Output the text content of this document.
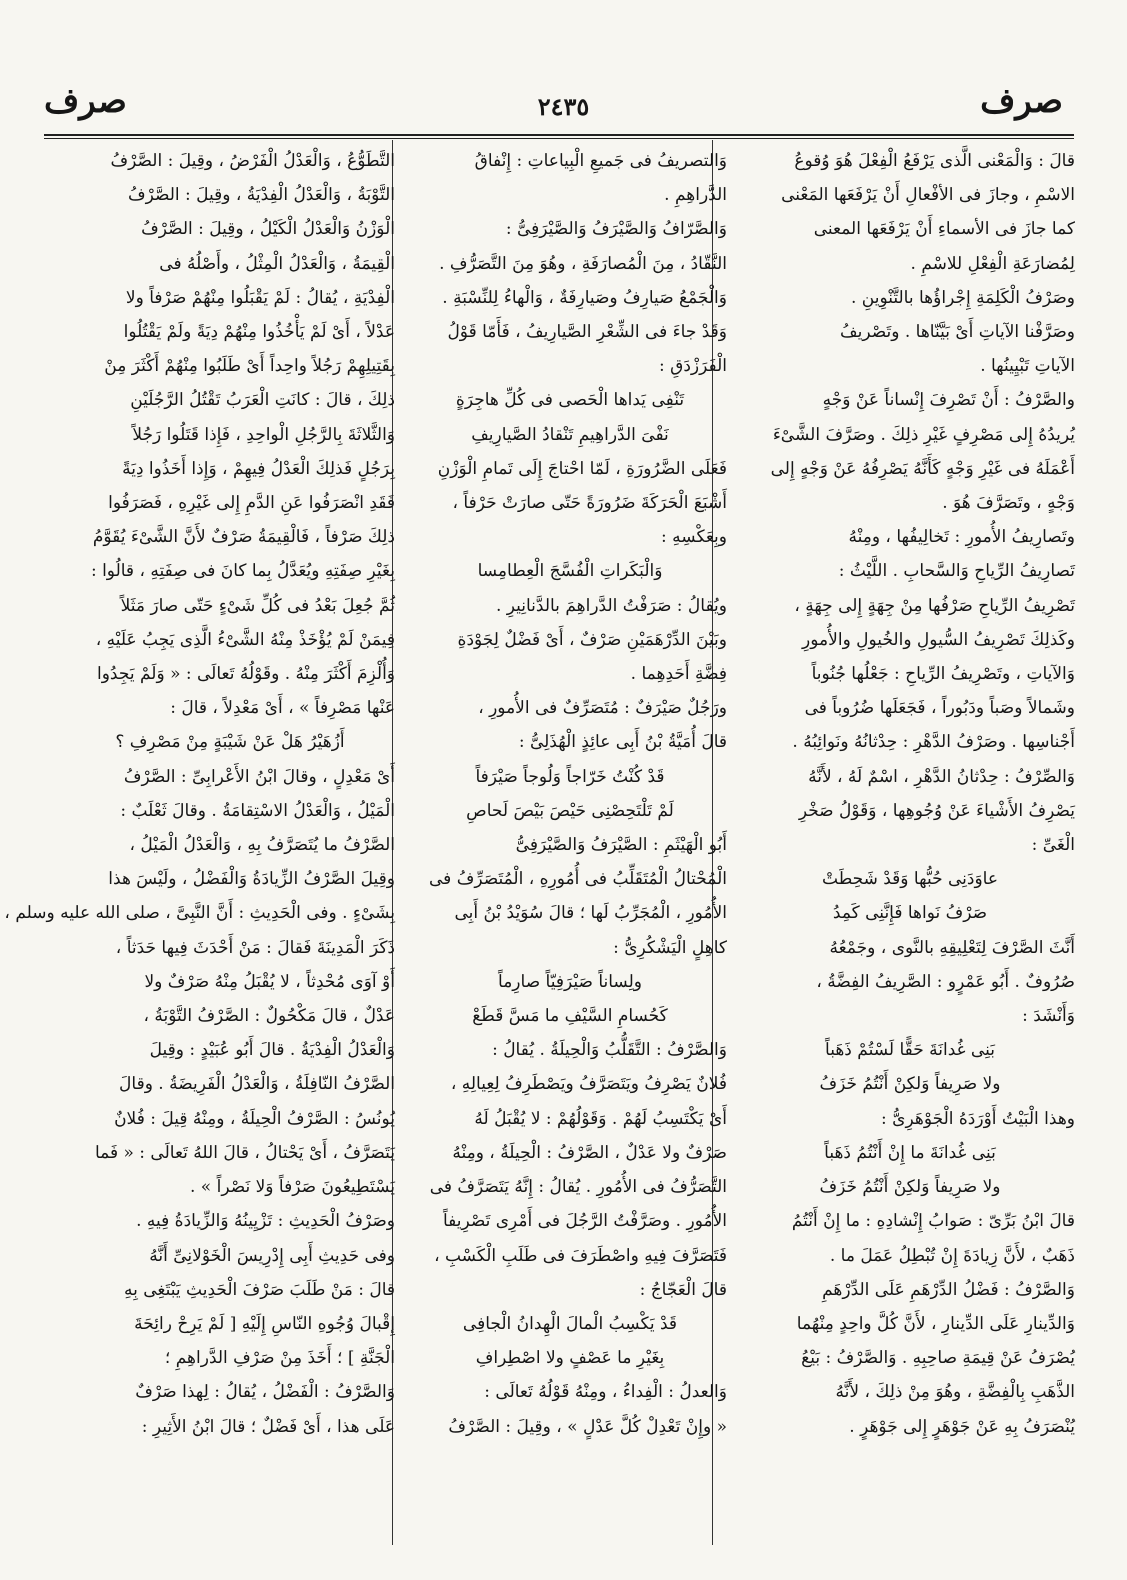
صرف
٢٤٣٥
صرف
قالَ : وَالْمَعْنى الَّذى يَرْفَعُ الْفِعْلَ هُوَ وُقوعُ
الاسْمِ ، وجازَ فى الأفْعالِ أَنْ يَرْفَعَها المَعْنى
كما جازَ فى الأسماءِ أَنْ يَرْفَعَها المعنى
لِمُضارَعَةِ الْفِعْلِ للاسْمِ .
وصَرْفُ الْكَلِمَةِ إِجْراؤُها بالتَّنْوِينِ .
وصَرَّفْنا الآياتِ أَىْ بَيَّنّاها . وتَصْريفُ
الآياتِ تَبْيِينُها .
والصَّرْفُ : أَنْ تَصْرِفَ إِنْساناً عَنْ وَجْهٍ
يُريدُهُ إِلى مَصْرِفٍ غَيْرِ ذلِكَ . وصَرَّفَ الشَّىْءَ
أَعْمَلَهُ فى غَيْرِ وَجْهٍ كَأَنَّهُ يَصْرِفُهُ عَنْ وَجْهٍ إِلى
وَجْهٍ ، وتَصَرَّفَ هُوَ .
وتَصارِيفُ الأُمورِ : تَخالِيفُها ، ومِنْهُ
تَصارِيفُ الرِّياحِ وَالسَّحابِ . اللَّيْثُ :
تَصْرِيفُ الرِّياحِ صَرْفُها مِنْ جِهَةٍ إِلى جِهَةٍ ،
وكَذلِكَ تَصْرِيفُ السُّيولِ والخُيولِ والأُمورِ
وَالآياتِ ، وتَصْرِيفُ الرِّياحِ : جَعْلُها جُنُوباً
وشَمالاً وصَباً ودَبُوراً ، فَجَعَلَها ضُرُوباً فى
أَجْناسِها . وصَرْفُ الدَّهْرِ : حِدْثانُهُ ونَوائِبُهُ .
وَالصِّرْفُ : حِدْثانُ الدَّهْرِ ، اسْمٌ لَهُ ، لأَنَّهُ
يَصْرِفُ الأَشْياءَ عَنْ وُجُوهِها ، وَقَوْلُ صَخْرِ
الْغَىِّ :
عاوَدَنِى حُبُّها وَقَدْ شَحِطَتْ
صَرْفُ نَواها فَإِنَّنِى كَمِدُ
أَنَّثَ الصَّرْفَ لِتَعْلِيقِهِ بالنَّوى ، وجَمْعُهُ
صُرُوفٌ . أَبُو عَمْرٍو : الصَّرِيفُ الفِضَّةُ ،
وَأَنْشَدَ :
بَنِى غُدانَةَ حَقًّا لَسْتُمْ ذَهَباً
ولا صَرِيفاً وَلكِنْ أَنْتُمُ خَزَفُ
وهذا الْبَيْتُ أَوْرَدَهُ الْجَوْهَرِىُّ :
بَنِى غُدانَةَ ما إِنْ أَنْتُمُ ذَهَباً
ولا صَرِيفاً وَلكِنْ أَنْتُمُ خَزَفُ
قالَ ابْنُ بَرِّىّ : صَوابُ إِنْشادِهِ : ما إِنْ أَنْتُمُ
ذَهَبٌ ، لأَنَّ زِيادَةَ إِنْ تُبْطِلُ عَمَلَ ما .
وَالصَّرْفُ : فَضْلُ الدِّرْهَمِ عَلَى الدِّرْهَمِ
وَالدِّينارِ عَلَى الدِّينارِ ، لأَنَّ كُلَّ واحِدٍ مِنْهُما
يُصْرَفُ عَنْ قِيمَةِ صاحِبِهِ . وَالصَّرْفُ : بَيْعُ
الذَّهَبِ بِالْفِضَّةِ ، وهُوَ مِنْ ذلِكَ ، لأَنَّهُ
يُنْصَرَفُ بِهِ عَنْ جَوْهَرٍ إِلى جَوْهَرٍ .
وَالتصريفُ فى جَميعِ الْبِياعاتِ : إِنْفاقُ
الدَّراهِمِ .
وَالصَّرّافُ وَالصَّيْرَفُ وَالصَّيْرَفِىُّ :
النَّقّادُ ، مِنَ الْمُصارَفَةِ ، وهُوَ مِنَ التَّصَرُّفِ .
وَالْجَمْعُ صَيارِفُ وصَيارِفَةٌ ، وَالْهاءُ لِلنِّسْبَةِ .
وَقَدْ جاءَ فى الشِّعْرِ الصَّيارِيفُ ، فَأَمّا قَوْلُ
الْفَرَزْدَقِ :
تَنْفِى يَداها الْحَصى فى كُلِّ هاجِرَةٍ
نَفْىَ الدَّراهِيمِ تَنْقادُ الصَّيارِيفِ
فَعَلَى الضَّرُورَةِ ، لَمّا احْتاجَ إِلَى تَمامِ الْوَزْنِ
أَشْبَعَ الْحَرَكَةَ ضَرُورَةً حَتّى صارَتْ حَرْفاً ،
وبِعَكْسِهِ :
وَالْبَكَراتِ الْفُسَّجَ الْعِطامِسا
ويُقالُ : صَرَفْتُ الدَّراهِمَ بالدَّنانِيرِ .
وبَيْنَ الدِّرْهَمَيْنِ صَرْفٌ ، أَىْ فَضْلٌ لِجَوْدَةِ
فِضَّةِ أَحَدِهِما .
ورَجُلٌ صَيْرَفٌ : مُتَصَرِّفٌ فى الأُمورِ ،
قالَ أُمَيَّةُ بْنُ أَبِى عائِذٍ الْهُذَلِىُّ :
قَدْ كُنْتُ خَرّاجاً وَلُوجاً صَيْرَفاً
لَمْ تَلْتَحِصْنِى حَيْصَ بَيْصَ لَحاصِ
أَبُو الْهَيْثَمِ : الصَّيْرَفُ وَالصَّيْرَفِىُّ
الْمُحْتالُ الْمُتَقَلِّبُ فى أُمُورِهِ ، الْمُتَصَرِّفُ فى
الأُمُورِ ، الْمُجَرِّبُ لَها ؛ قالَ سُوَيْدُ بْنُ أَبِى
كاهِلٍ الْيَشْكُرِىُّ :
ولِساناً صَيْرَفِيّاً صارِماً
كَحُسامِ السَّيْفِ ما مَسَّ قَطَعْ
وَالصَّرْفُ : التَّقَلُّبُ وَالْحِيلَةُ . يُقالُ :
فُلانٌ يَصْرِفُ ويَتَصَرَّفُ ويَصْطَرِفُ لِعِيالِهِ ،
أَىْ يَكْتَسِبُ لَهُمْ . وَقَوْلُهُمْ : لا يُقْبَلُ لَهُ
صَرْفٌ ولا عَدْلٌ ، الصَّرْفُ : الْحِيلَةُ ، ومِنْهُ
التَّصَرُّفُ فى الأُمُورِ . يُقالُ : إِنَّهُ يَتَصَرَّفُ فى
الأُمُورِ . وصَرَّفْتُ الرَّجُلَ فى أَمْرِى تَصْرِيفاً
فَتَصَرَّفَ فِيهِ واصْطَرَفَ فى طَلَبِ الْكَسْبِ ،
قالَ الْعَجّاجُ :
قَدْ يَكْسِبُ الْمالَ الْهِدانُ الْجافِى
بِغَيْرِ ما عَصْفٍ ولا اصْطِرافِ
وَالعدلُ : الْفِداءُ ، ومِنْهُ قَوْلُهُ تَعالَى :
« وإِنْ تَعْدِلْ كُلَّ عَدْلٍ » ، وقِيلَ : الصَّرْفُ
التَّطَوُّعُ ، وَالْعَدْلُ الْفَرْضُ ، وقِيلَ : الصَّرْفُ
التَّوْبَةُ ، وَالْعَدْلُ الْفِدْيَةُ ، وقِيلَ : الصَّرْفُ
الْوَزْنُ وَالْعَدْلُ الْكَيْلُ ، وقِيلَ : الصَّرْفُ
الْقِيمَةُ ، وَالْعَدْلُ الْمِثْلُ ، وأَصْلُهُ فى
الْفِدْيَةِ ، يُقالُ : لَمْ يَقْبَلُوا مِنْهُمْ صَرْفاً ولا
عَدْلاً ، أَىْ لَمْ يَأْخُذُوا مِنْهُمْ دِيَةً ولَمْ يَقْتُلُوا
بِقَتِيلِهِمْ رَجُلاً واحِداً أَىْ طَلَبُوا مِنْهُمْ أَكْثَرَ مِنْ
ذلِكَ ، قالَ : كانَتِ الْعَرَبُ تَقْتُلُ الرَّجُلَيْنِ
وَالثَّلاثَةَ بِالرَّجُلِ الْواحِدِ ، فَإِذا قَتَلُوا رَجُلاً
بِرَجُلٍ فَذلِكَ الْعَدْلُ فِيهِمْ ، وَإِذا أَخَذُوا دِيَةً
فَقَدِ انْصَرَفُوا عَنِ الدَّمِ إِلى غَيْرِهِ ، فَصَرَفُوا
ذلِكَ صَرْفاً ، فَالْقِيمَةُ صَرْفٌ لأَنَّ الشَّىْءَ يُقَوَّمُ
بِغَيْرِ صِفَتِهِ ويُعَدَّلُ بِما كانَ فى صِفَتِهِ ، قالُوا :
ثُمَّ جُعِلَ بَعْدُ فى كُلِّ شَىْءٍ حَتّى صارَ مَثَلاً
فِيمَنْ لَمْ يُؤْخَذْ مِنْهُ الشَّىْءُ الَّذِى يَجِبُ عَلَيْهِ ،
وَأُلْزِمَ أَكْثَرَ مِنْهُ . وقَوْلُهُ تَعالَى : « وَلَمْ يَجِدُوا
عَنْها مَصْرِفاً » ، أَىْ مَعْدِلاً ، قالَ :
أَزُهَيْرُ هَلْ عَنْ شَيْبَةٍ مِنْ مَصْرِفِ ؟
أَىْ مَعْدِلٍ ، وقالَ ابْنُ الأَعْرابِىِّ : الصَّرْفُ
الْمَيْلُ ، وَالْعَدْلُ الاسْتِقامَةُ . وقالَ ثَعْلَبٌ :
الصَّرْفُ ما يُتَصَرَّفُ بِهِ ، وَالْعَدْلُ الْمَيْلُ ،
وقِيلَ الصَّرْفُ الزِّيادَةُ وَالْفَضْلُ ، ولَيْسَ هذا
بِشَىْءٍ . وفى الْحَدِيثِ : أَنَّ النَّبِىَّ ، صلى الله عليه وسلم ،
ذَكَرَ الْمَدِينَةَ فَقالَ : مَنْ أَحْدَثَ فِيها حَدَثاً ،
أَوْ آوَى مُحْدِثاً ، لا يُقْبَلُ مِنْهُ صَرْفٌ ولا
عَدْلٌ ، قالَ مَكْحُولٌ : الصَّرْفُ التَّوْبَةُ ،
وَالْعَدْلُ الْفِدْيَةُ . قالَ أَبُو عُبَيْدٍ : وقِيلَ
الصَّرْفُ النّافِلَةُ ، وَالْعَدْلُ الْفَرِيضَةُ . وقالَ
يُونُسُ : الصَّرْفُ الْحِيلَةُ ، ومِنْهُ قِيلَ : فُلانٌ
يَتَصَرَّفُ ، أَىْ يَحْتالُ ، قالَ اللهُ تَعالَى : « فَما
يَسْتَطِيعُونَ صَرْفاً وَلا نَصْراً » .
وصَرْفُ الْحَدِيثِ : تَزْيِينُهُ وَالزِّيادَةُ فِيهِ .
وفى حَدِيثِ أَبِى إِدْرِيسَ الْخَوْلانِىِّ أَنَّهُ
قالَ : مَنْ طَلَبَ صَرْفَ الْحَدِيثِ يَبْتَغِى بِهِ
إِقْبالَ وُجُوهِ النّاسِ إِلَيْهِ [ لَمْ يَرِحْ رائِحَةَ
الْجَنَّةِ ] ؛ أَخَذَ مِنْ صَرْفِ الدَّراهِمِ ؛
وَالصَّرْفُ : الْفَضْلُ ، يُقالُ : لِهذا صَرْفٌ
عَلَى هذا ، أَىْ فَضْلٌ ؛ قالَ ابْنُ الأَثِيرِ :
